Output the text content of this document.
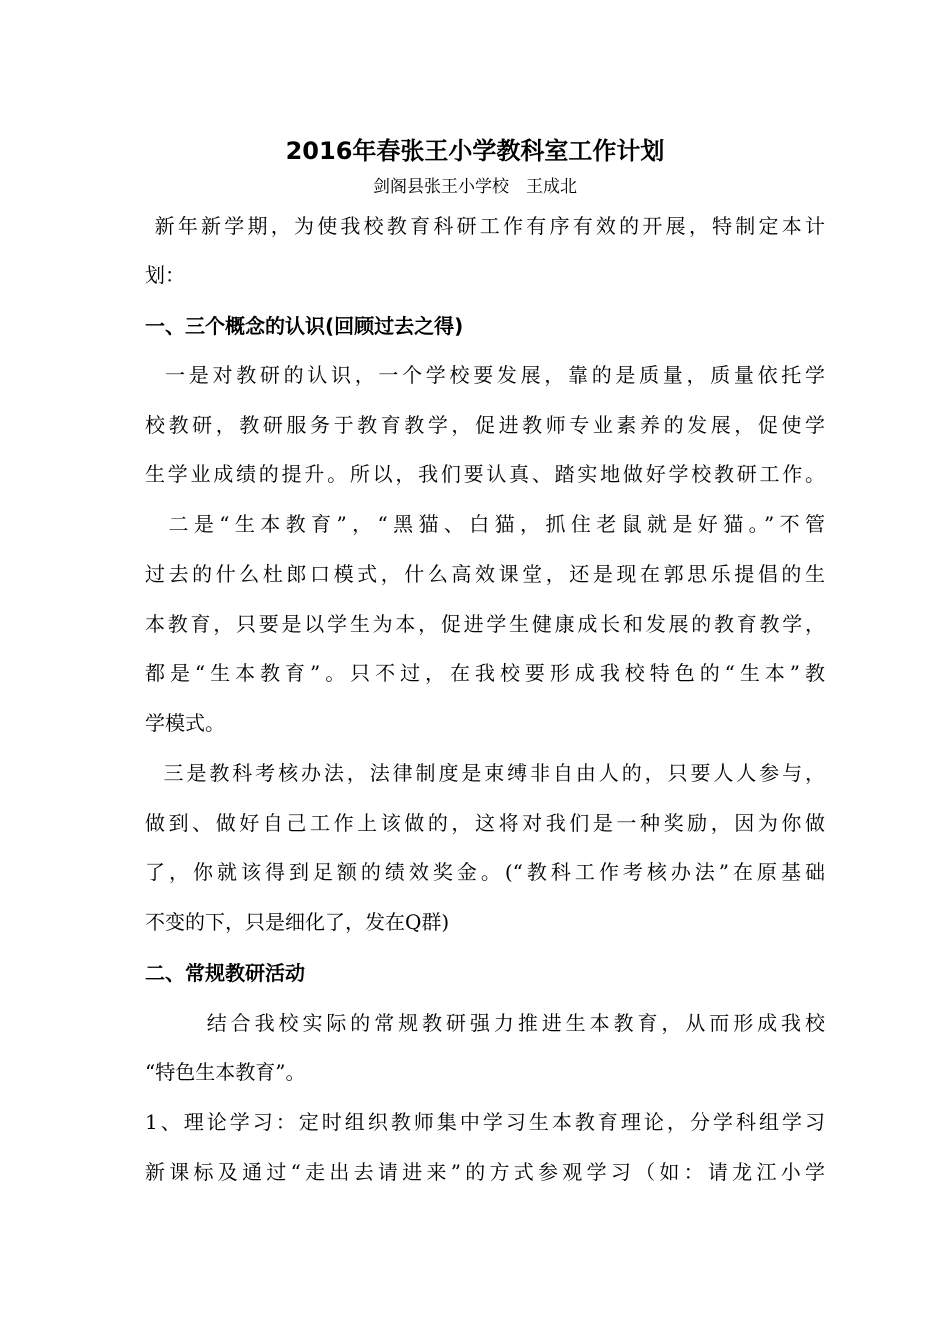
2016年春张王小学教科室工作计划
剑阁县张王小学校　王成北
新年新学期，为使我校教育科研工作有序有效的开展，特制定本计
划：
一、三个概念的认识(回顾过去之得)
一是对教研的认识，一个学校要发展，靠的是质量，质量依托学
校教研，教研服务于教育教学，促进教师专业素养的发展，促使学
生学业成绩的提升。所以，我们要认真、踏实地做好学校教研工作。
二是“生本教育”，“黑猫、白猫，抓住老鼠就是好猫。”不管
过去的什么杜郎口模式，什么高效课堂，还是现在郭思乐提倡的生
本教育，只要是以学生为本，促进学生健康成长和发展的教育教学，
都是“生本教育”。只不过，在我校要形成我校特色的“生本”教
学模式。
三是教科考核办法，法律制度是束缚非自由人的，只要人人参与，
做到、做好自己工作上该做的，这将对我们是一种奖励，因为你做
了，你就该得到足额的绩效奖金。(“教科工作考核办法”在原基础
不变的下，只是细化了，发在Q群)
二、常规教研活动
结合我校实际的常规教研强力推进生本教育，从而形成我校
“特色生本教育”。
1、理论学习：定时组织教师集中学习生本教育理论，分学科组学习
新课标及通过“走出去请进来”的方式参观学习（如：请龙江小学
